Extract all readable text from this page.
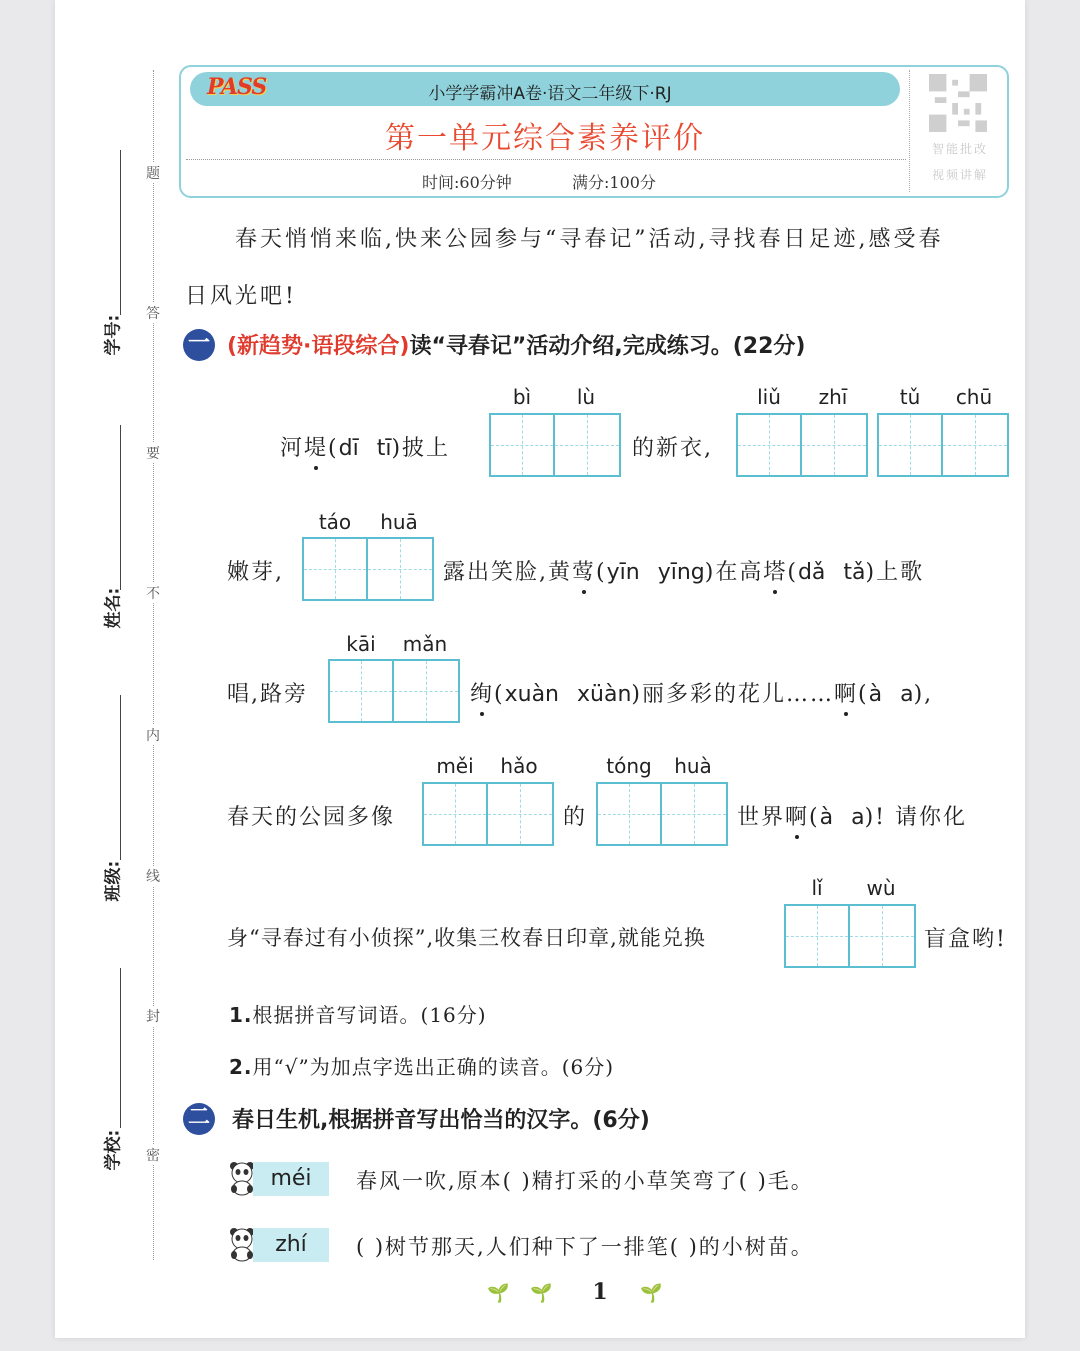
题
答
要
不
内
线
封
密
学号:
姓名:
班级:
学校:
PASS	小学学霸冲A卷·语文二年级下·RJ
第一单元综合素养评价
时间:60分钟	满分:100分
智能批改
视频讲解
春天悄悄来临,快来公园参与“寻春记”活动,寻找春日足迹,感受春
日风光吧!
一 (新趋势·语段综合)读“寻春记”活动介绍,完成练习。(22分)
bì	lù	liǔ	zhī	tǔ	chū
河堤(dī tī)披上	的新衣,
táo	huā
嫩芽,	露出笑脸,黄莺(yīn yīng)在高塔(dǎ tǎ)上歌
kāi	mǎn
唱,路旁	绚(xuàn xüàn)丽多彩的花儿……啊(à a),
měi	hǎo	tóng	huà
春天的公园多像	的	世界啊(à a)! 请你化
lǐ	wù
身“寻春过有小侦探”,收集三枚春日印章,就能兑换	盲盒哟!
1.根据拼音写词语。(16分)
2.用“√”为加点字选出正确的读音。(6分)
二 春日生机,根据拼音写出恰当的汉字。(6分)
méi	春风一吹,原本( )精打采的小草笑弯了( )毛。
zhí	( )树节那天,人们种下了一排笔( )的小树苗。
🌱 🌱	1	🌱
